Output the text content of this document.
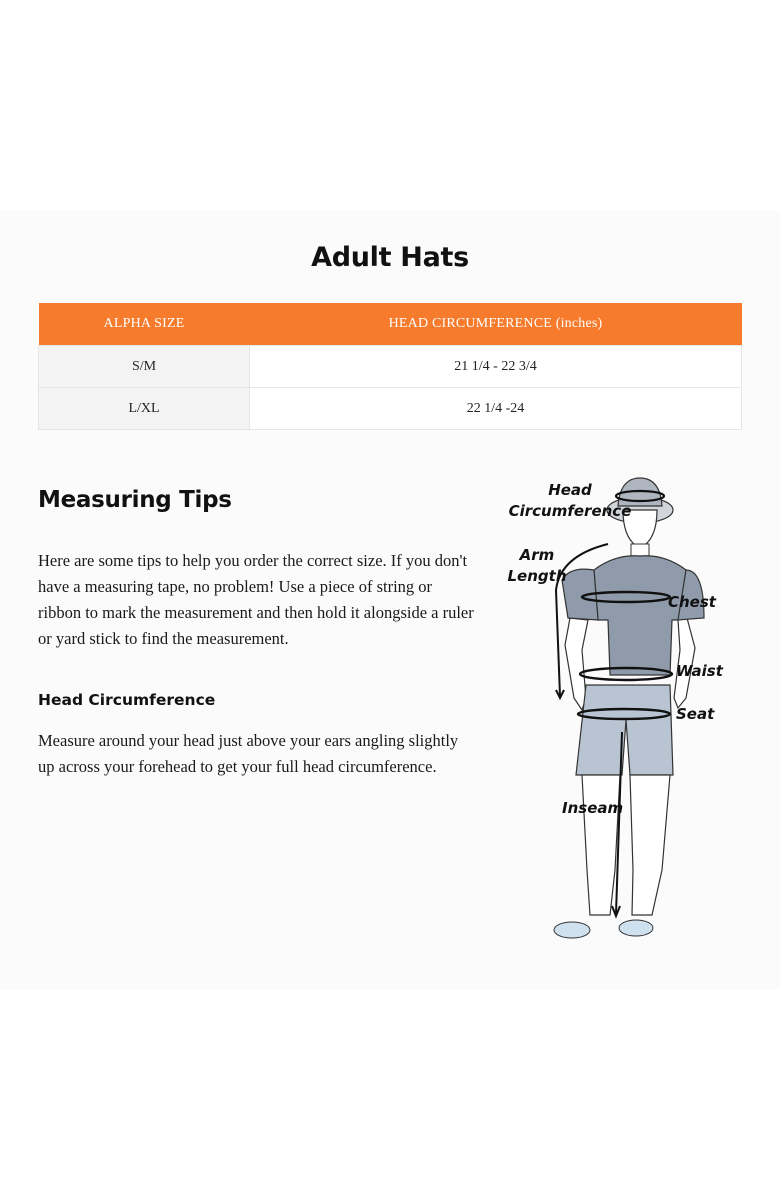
Adult Hats
ALPHA SIZE	HEAD CIRCUMFERENCE (inches)
S/M	21 1/4 - 22 3/4
L/XL	22 1/4 -24
Measuring Tips
Here are some tips to help you order the correct size. If you don't have a measuring tape, no problem! Use a piece of string or ribbon to mark the measurement and then hold it alongside a ruler or yard stick to find the measurement.
Head Circumference
Measure around your head just above your ears angling slightly up across your forehead to get your full head circumference.
Head
Circumference
Arm
Length
Chest
Waist
Seat
Inseam
